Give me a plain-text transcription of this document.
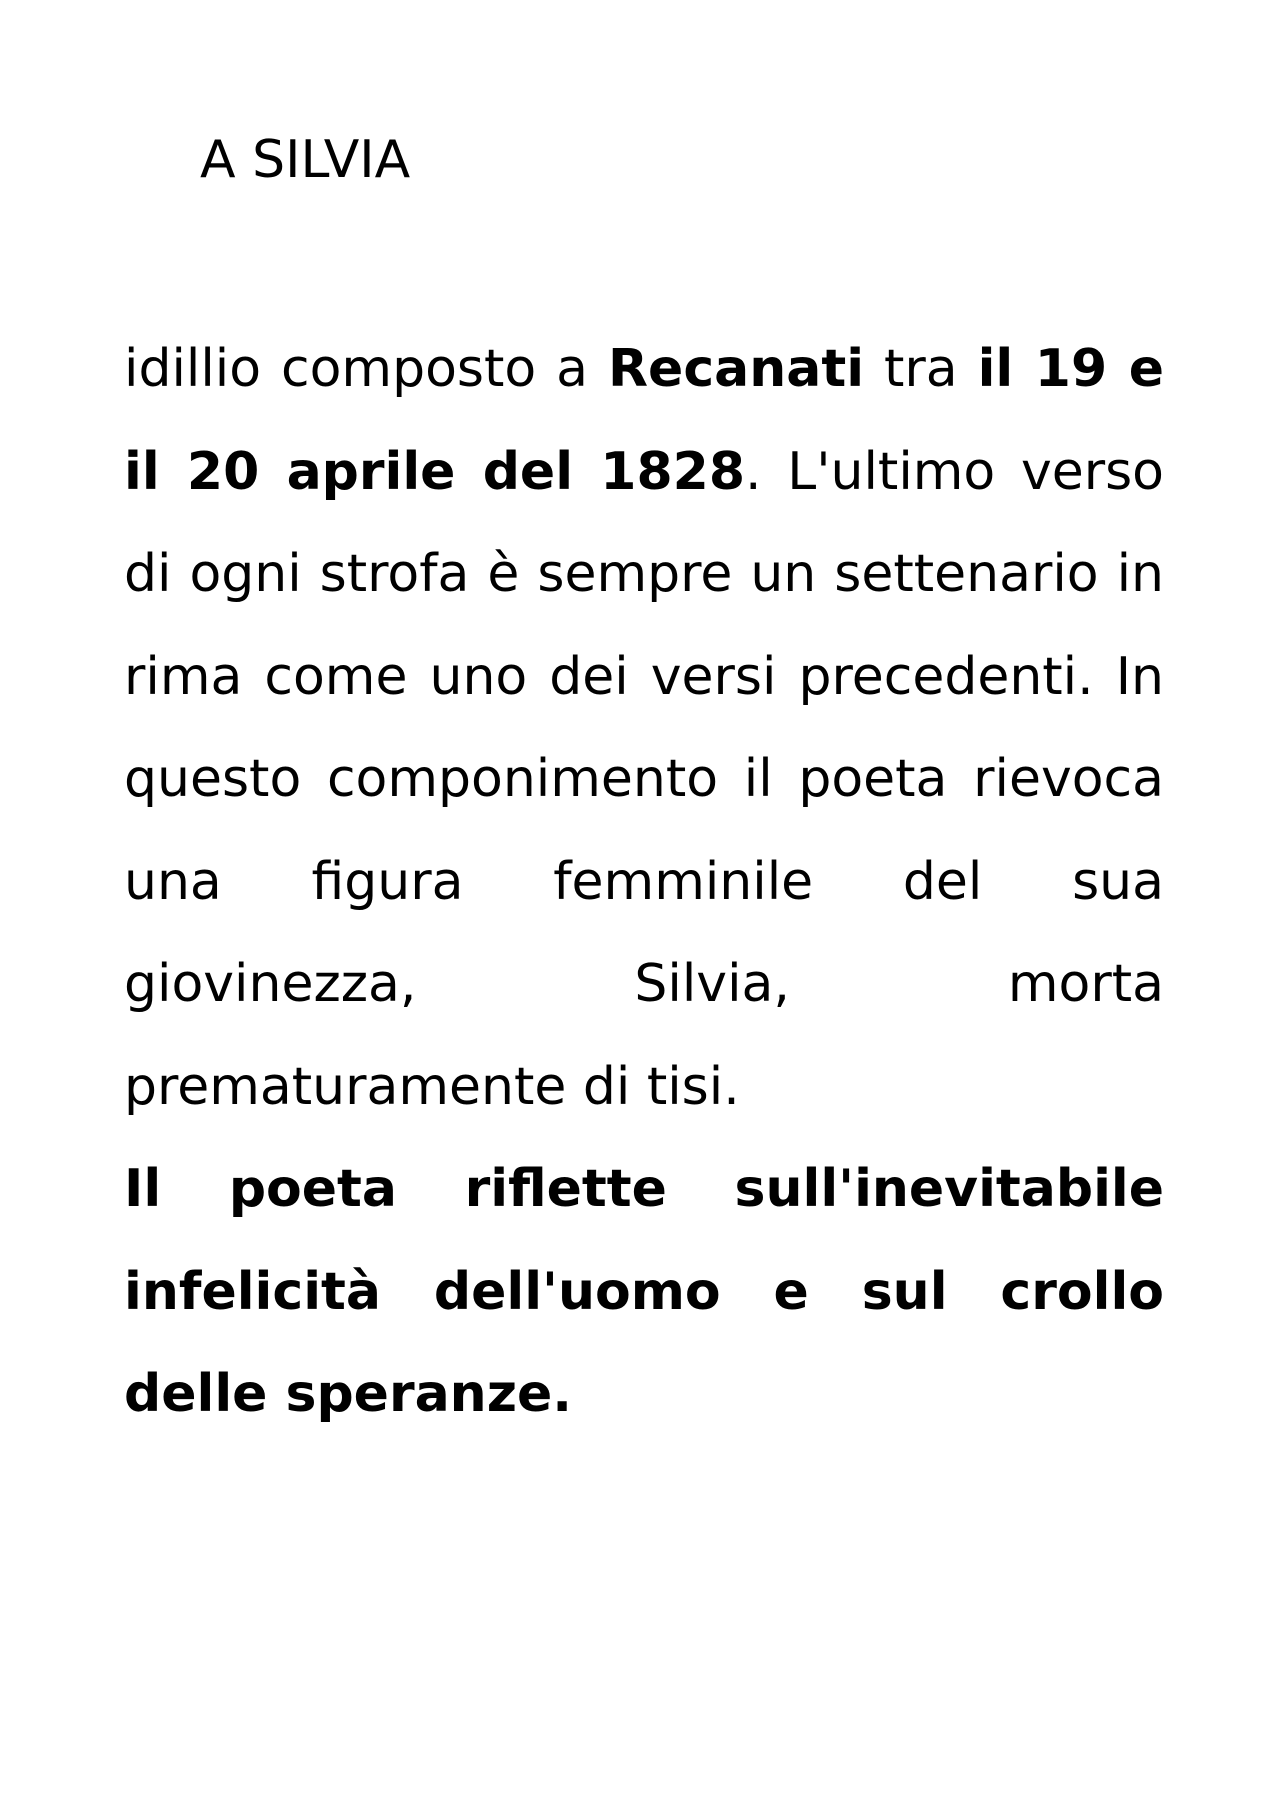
A SILVIA

idillio composto a Recanati tra il 19 e il 20 aprile del 1828. L'ultimo verso di ogni strofa è sempre un settenario in rima come uno dei versi precedenti. In questo componimento il poeta rievoca una figura femminile del sua giovinezza, Silvia, morta prematuramente di tisi.

Il poeta riflette sull'inevitabile infelicità dell'uomo e sul crollo delle speranze.
